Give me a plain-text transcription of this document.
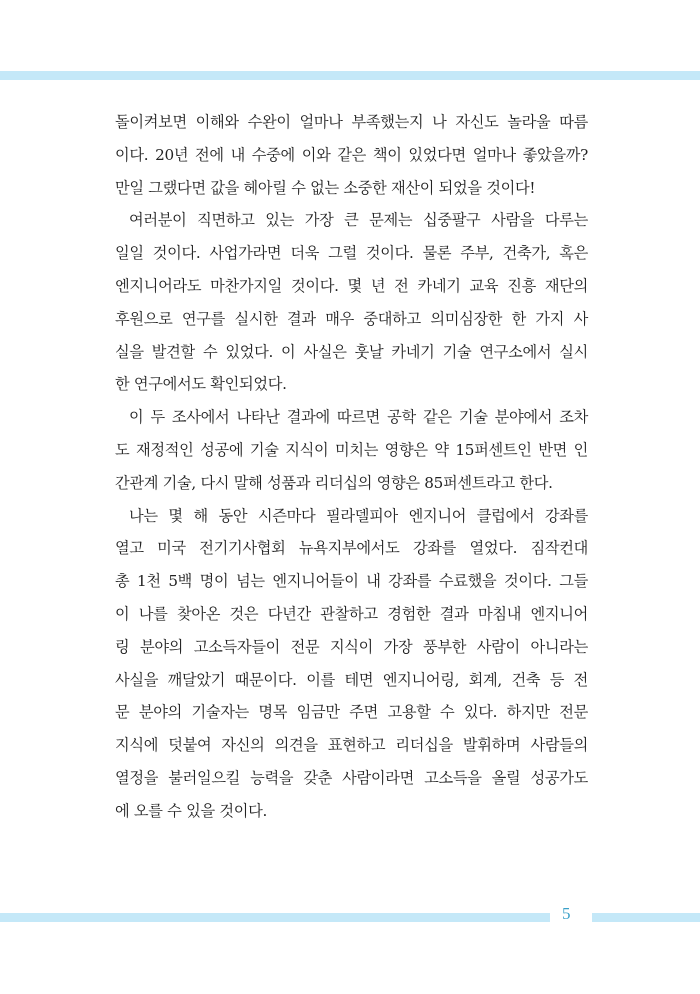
돌이켜보면 이해와 수완이 얼마나 부족했는지 나 자신도 놀라울 따름
이다. 20년 전에 내 수중에 이와 같은 책이 있었다면 얼마나 좋았을까?
만일 그랬다면 값을 헤아릴 수 없는 소중한 재산이 되었을 것이다!
여러분이 직면하고 있는 가장 큰 문제는 십중팔구 사람을 다루는
일일 것이다. 사업가라면 더욱 그럴 것이다. 물론 주부, 건축가, 혹은
엔지니어라도 마찬가지일 것이다. 몇 년 전 카네기 교육 진흥 재단의
후원으로 연구를 실시한 결과 매우 중대하고 의미심장한 한 가지 사
실을 발견할 수 있었다. 이 사실은 훗날 카네기 기술 연구소에서 실시
한 연구에서도 확인되었다.
이 두 조사에서 나타난 결과에 따르면 공학 같은 기술 분야에서 조차
도 재정적인 성공에 기술 지식이 미치는 영향은 약 15퍼센트인 반면 인
간관계 기술, 다시 말해 성품과 리더십의 영향은 85퍼센트라고 한다.
나는 몇 해 동안 시즌마다 필라델피아 엔지니어 클럽에서 강좌를
열고 미국 전기기사협회 뉴욕지부에서도 강좌를 열었다. 짐작컨대
총 1천 5백 명이 넘는 엔지니어들이 내 강좌를 수료했을 것이다. 그들
이 나를 찾아온 것은 다년간 관찰하고 경험한 결과 마침내 엔지니어
링 분야의 고소득자들이 전문 지식이 가장 풍부한 사람이 아니라는
사실을 깨달았기 때문이다. 이를 테면 엔지니어링, 회계, 건축 등 전
문 분야의 기술자는 명목 임금만 주면 고용할 수 있다. 하지만 전문
지식에 덧붙여 자신의 의견을 표현하고 리더십을 발휘하며 사람들의
열정을 불러일으킬 능력을 갖춘 사람이라면 고소득을 올릴 성공가도
에 오를 수 있을 것이다.
5
